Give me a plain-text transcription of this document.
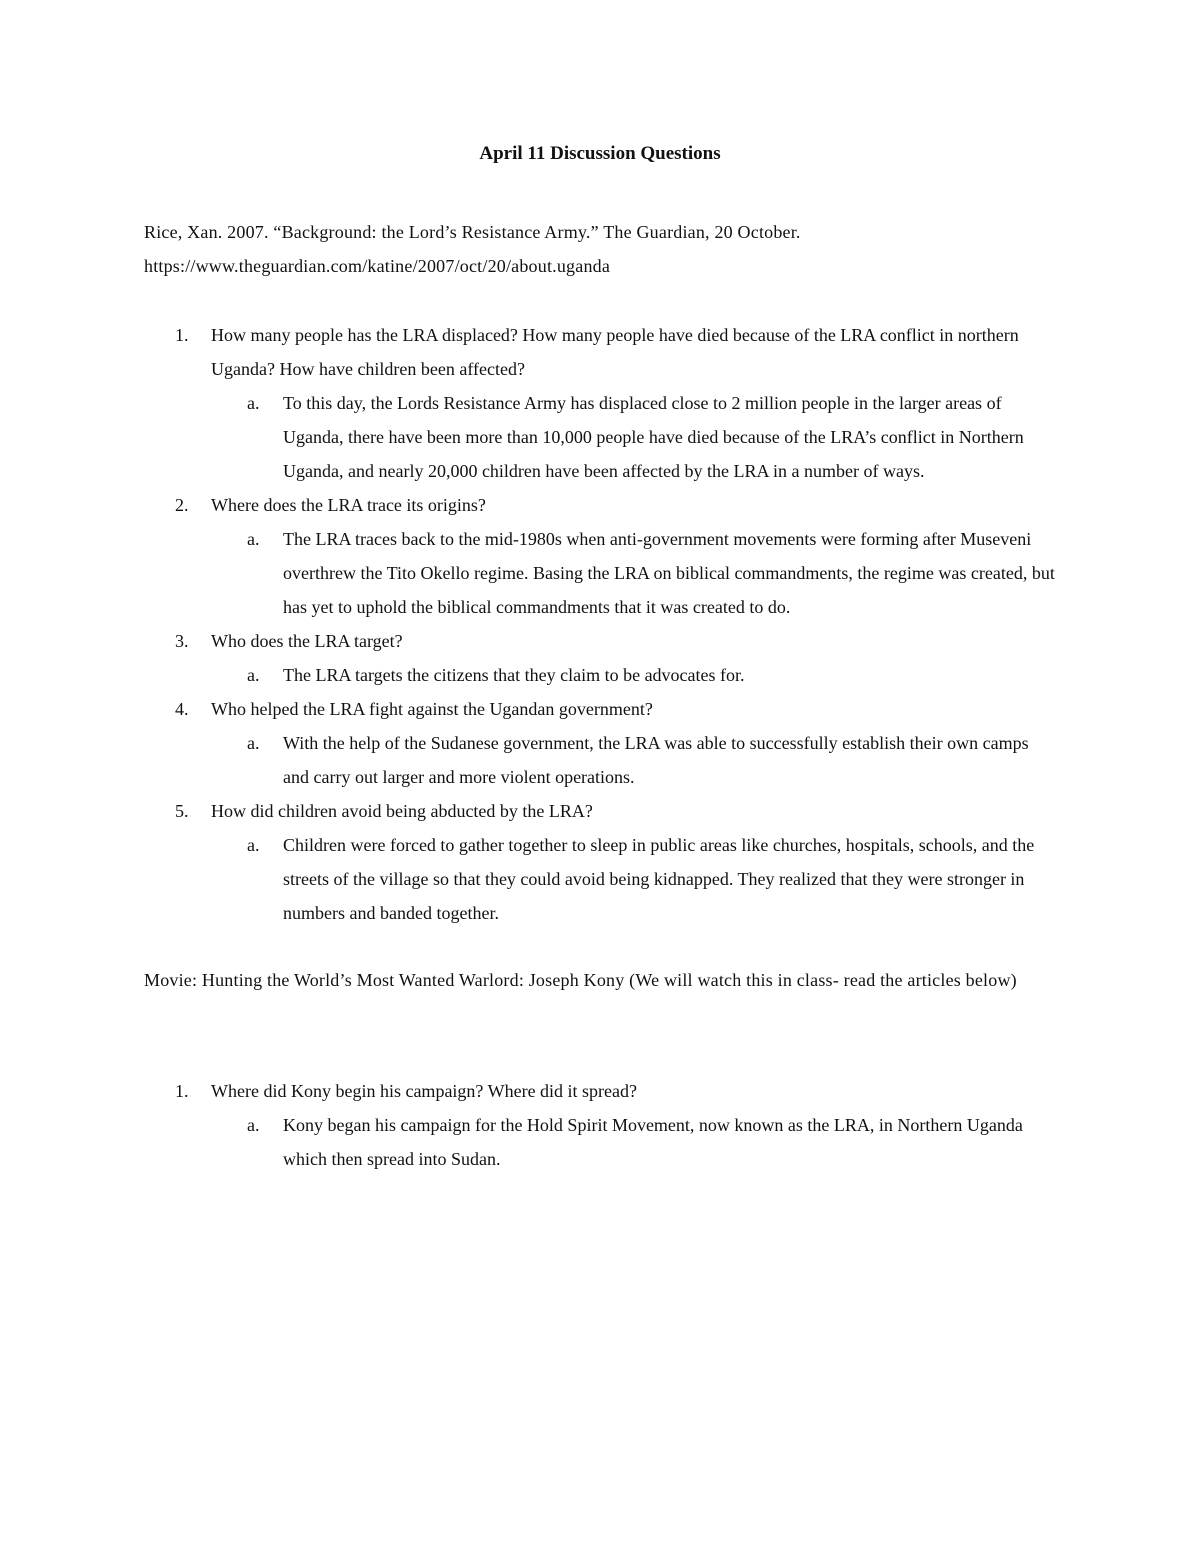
April 11 Discussion Questions
Rice, Xan. 2007. “Background: the Lord’s Resistance Army.” The Guardian, 20 October.
https://www.theguardian.com/katine/2007/oct/20/about.uganda
1. How many people has the LRA displaced? How many people have died because of the LRA conflict in northern Uganda? How have children been affected?
a. To this day, the Lords Resistance Army has displaced close to 2 million people in the larger areas of Uganda, there have been more than 10,000 people have died because of the LRA’s conflict in Northern Uganda, and nearly 20,000 children have been affected by the LRA in a number of ways.
2. Where does the LRA trace its origins?
a. The LRA traces back to the mid-1980s when anti-government movements were forming after Museveni overthrew the Tito Okello regime. Basing the LRA on biblical commandments, the regime was created, but has yet to uphold the biblical commandments that it was created to do.
3. Who does the LRA target?
a. The LRA targets the citizens that they claim to be advocates for.
4. Who helped the LRA fight against the Ugandan government?
a. With the help of the Sudanese government, the LRA was able to successfully establish their own camps and carry out larger and more violent operations.
5. How did children avoid being abducted by the LRA?
a. Children were forced to gather together to sleep in public areas like churches, hospitals, schools, and the streets of the village so that they could avoid being kidnapped. They realized that they were stronger in numbers and banded together.
Movie: Hunting the World’s Most Wanted Warlord: Joseph Kony (We will watch this in class- read the articles below)
1. Where did Kony begin his campaign? Where did it spread?
a. Kony began his campaign for the Hold Spirit Movement, now known as the LRA, in Northern Uganda which then spread into Sudan.
